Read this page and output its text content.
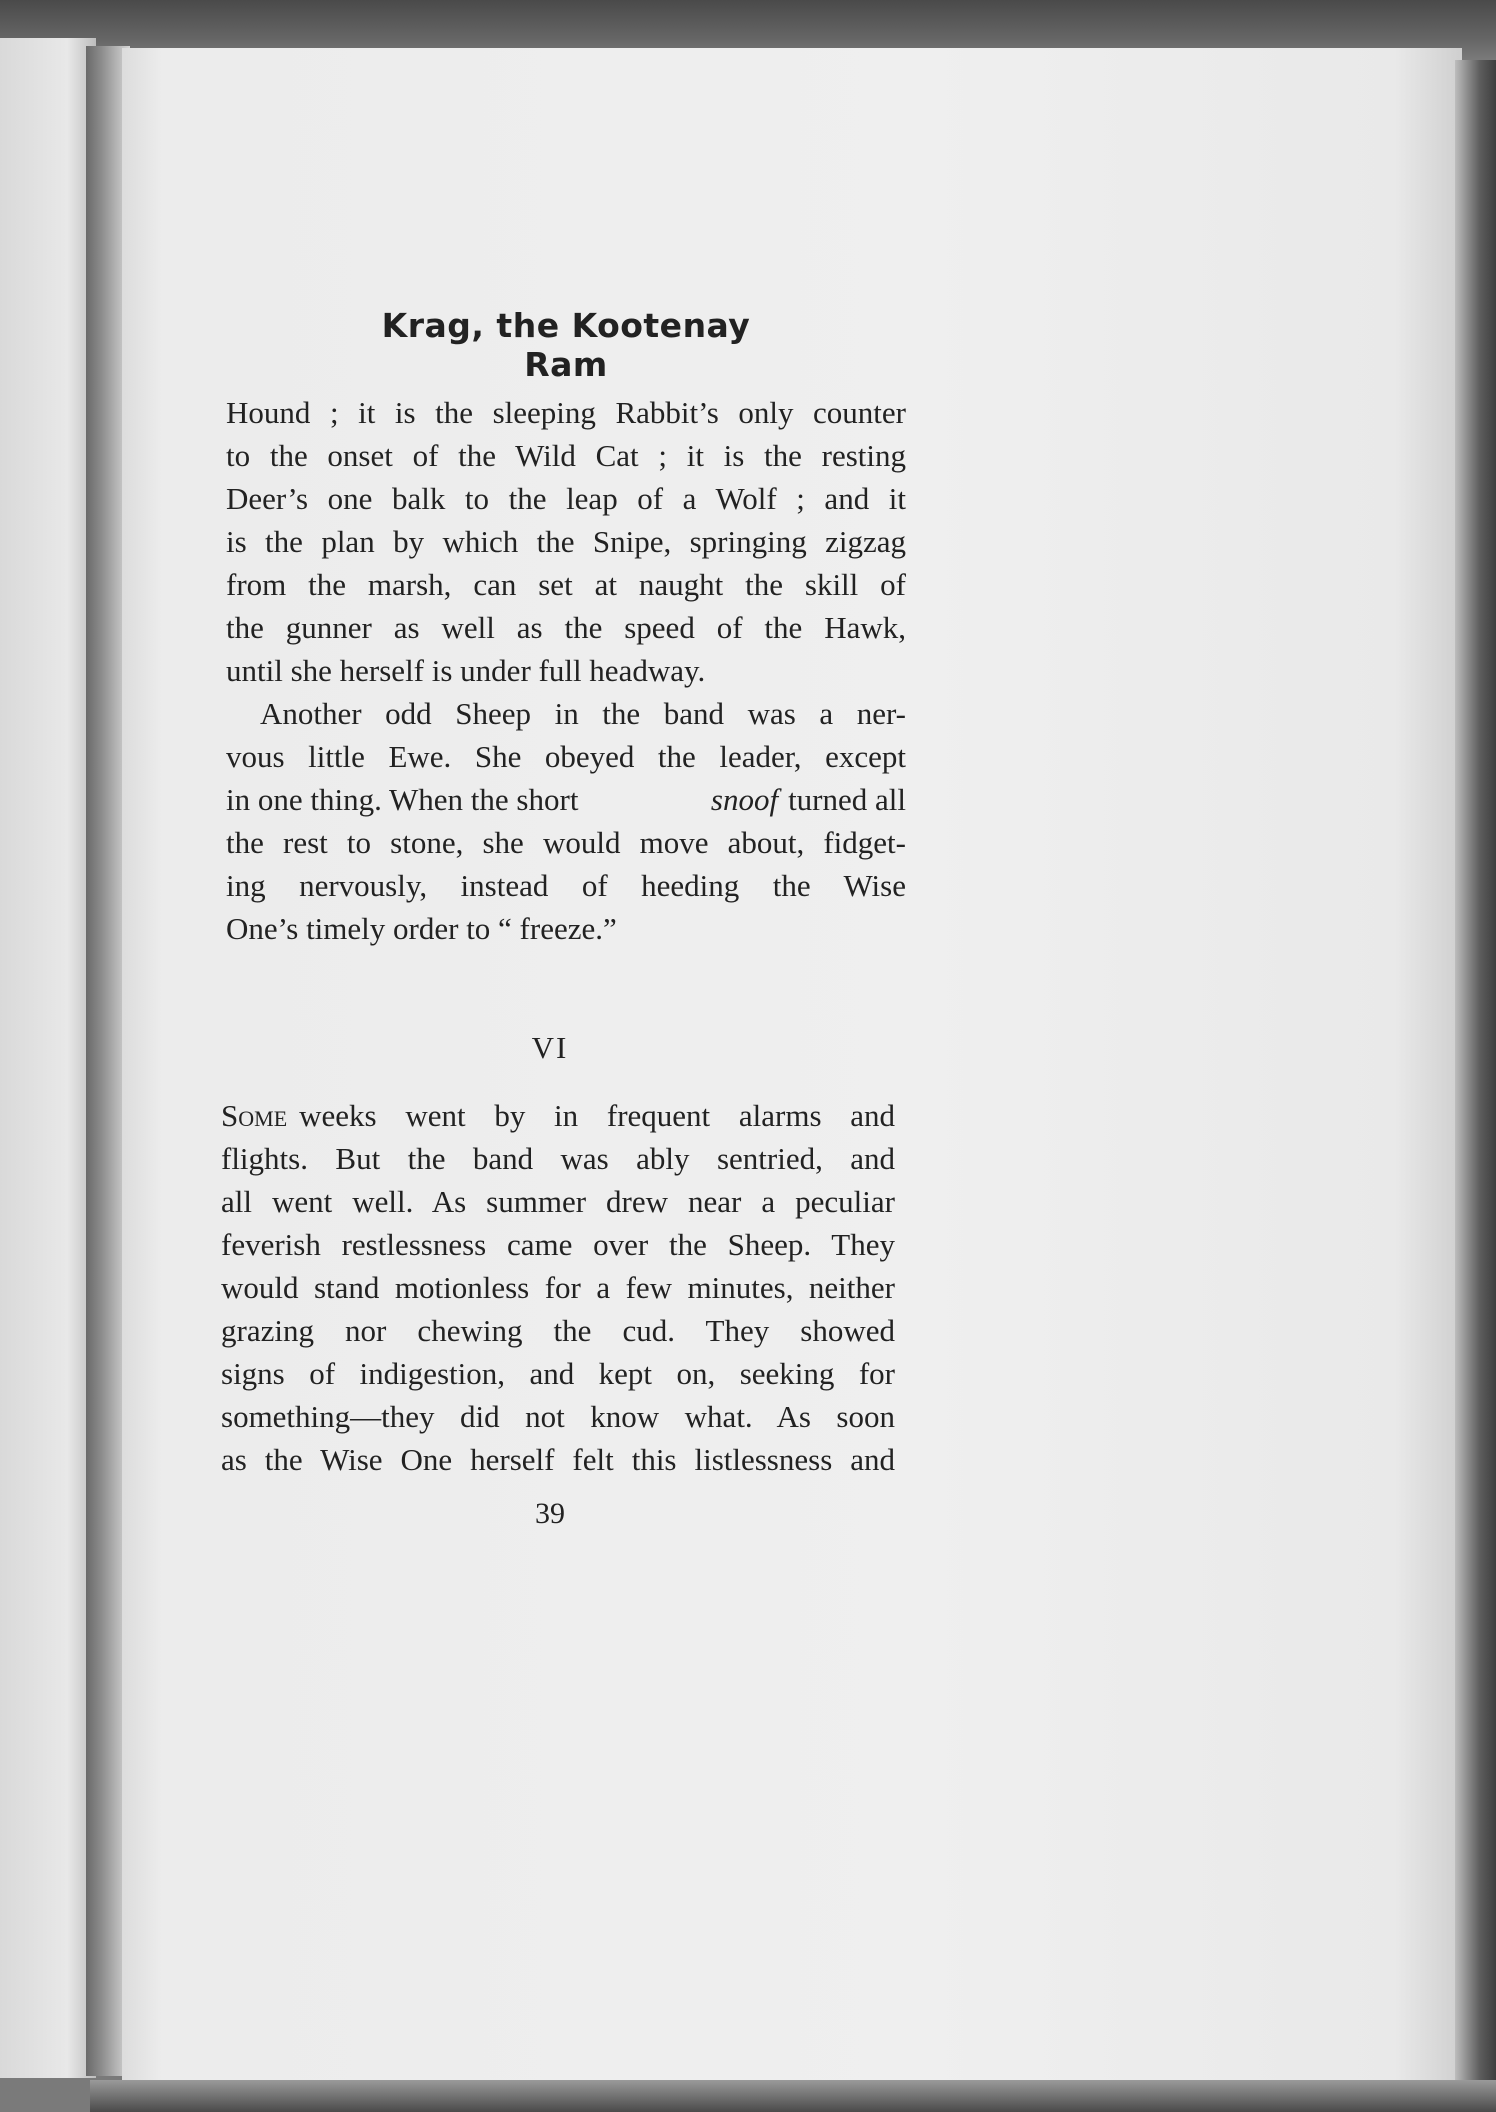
Krag, the Kootenay Ram
Hound ; it is the sleeping Rabbit’s only counter
to the onset of the Wild Cat ; it is the resting
Deer’s one balk to the leap of a Wolf ; and it
is the plan by which the Snipe, springing zigzag
from the marsh, can set at naught the skill of
the gunner as well as the speed of the Hawk,
until she herself is under full headway.
Another odd Sheep in the band was a ner-
vous little Ewe. She obeyed the leader, except
in one thing. When the short	snoof turned all
the rest to stone, she would move about, fidget-
ing nervously, instead of heeding the Wise
One’s timely order to “ freeze.”
VI
Some weeks went by in frequent alarms and
flights. But the band was ably sentried, and
all went well. As summer drew near a peculiar
feverish restlessness came over the Sheep. They
would stand motionless for a few minutes, neither
grazing nor chewing the cud. They showed
signs of indigestion, and kept on, seeking for
something—they did not know what. As soon
as the Wise One herself felt this listlessness and
39
